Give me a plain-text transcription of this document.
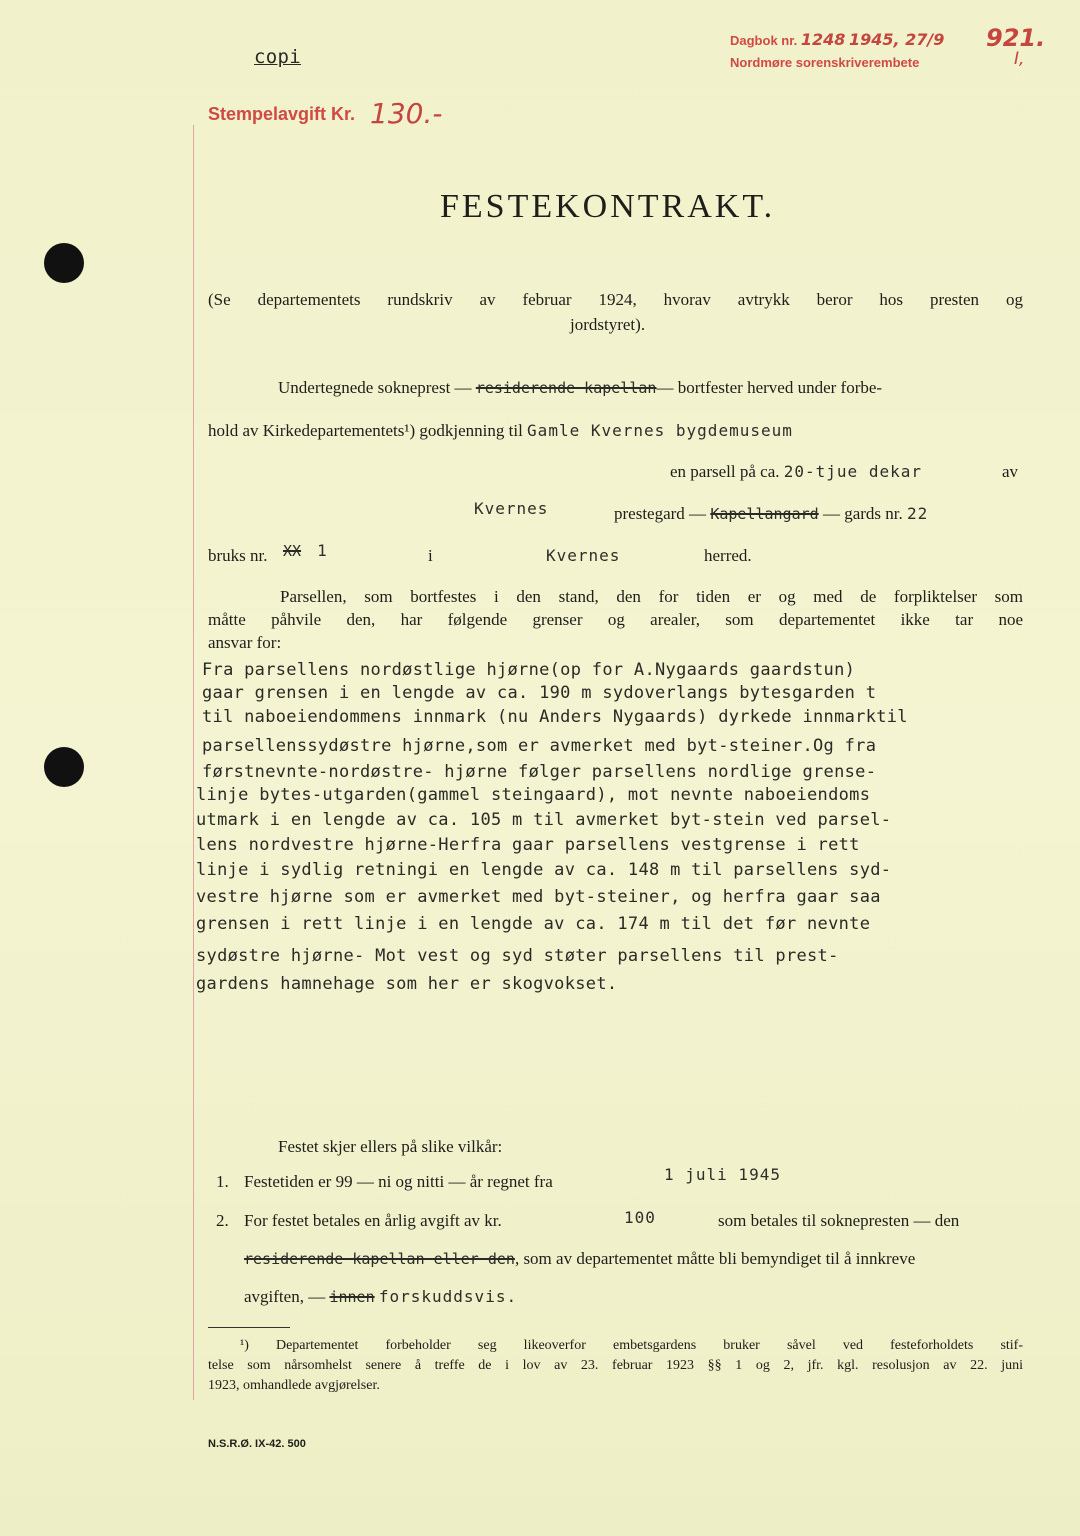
copi
Dagbok nr. 1248 1945, 27/9 921.
Nordmøre sorenskriverembete	I,
Stempelavgift Kr. 130.-
FESTEKONTRAKT.
(Se departementets rundskriv av februar 1924, hvorav avtrykk beror hos presten og
jordstyret).
Undertegnede sokneprest — residerende kapellan— bortfester herved under forbe-
hold av Kirkedepartementets¹) godkjenning til Gamle Kvernes bygdemuseum
en parsell på ca. 20-tjue dekar	av
Kvernes	prestegard — Kapellangard — gards nr. 22
bruks nr. XX 1	i	Kvernes	herred.
Parsellen, som bortfestes i den stand, den for tiden er og med de forpliktelser som
måtte påhvile den, har følgende grenser og arealer, som departementet ikke tar noe
ansvar for:
Fra parsellens nordøstlige hjørne(op for A.Nygaards gaardstun)
gaar grensen i en lengde av ca. 190 m sydoverlangs bytesgarden t
til naboeiendommens innmark (nu Anders Nygaards) dyrkede innmarktil
parsellenssydøstre hjørne,som er avmerket med byt-steiner.Og fra
førstnevnte-nordøstre- hjørne følger parsellens nordlige grense-
linje bytes-utgarden(gammel steingaard), mot nevnte naboeiendoms
utmark i en lengde av ca. 105 m til avmerket byt-stein ved parsel-
lens nordvestre hjørne-Herfra gaar parsellens vestgrense i rett
linje i sydlig retningi en lengde av ca. 148 m til parsellens syd-
vestre hjørne som er avmerket med byt-steiner, og herfra gaar saa
grensen i rett linje i en lengde av ca. 174 m til det før nevnte
sydøstre hjørne- Mot vest og syd støter parsellens til prest-
gardens hamnehage som her er skogvokset.
Festet skjer ellers på slike vilkår:
1. Festetiden er 99 — ni og nitti — år regnet fra	1 juli 1945
2. For festet betales en årlig avgift av kr.	100	som betales til soknepresten — den
residerende kapellan eller den, som av departementet måtte bli bemyndiget til å innkreve
avgiften, — innen forskuddsvis.
¹) Departementet forbeholder seg likeoverfor embetsgardens bruker såvel ved festeforholdets stif-
telse som nårsomhelst senere å treffe de i lov av 23. februar 1923 §§ 1 og 2, jfr. kgl. resolusjon av 22. juni
1923, omhandlede avgjørelser.
N.S.R.Ø. IX-42. 500
